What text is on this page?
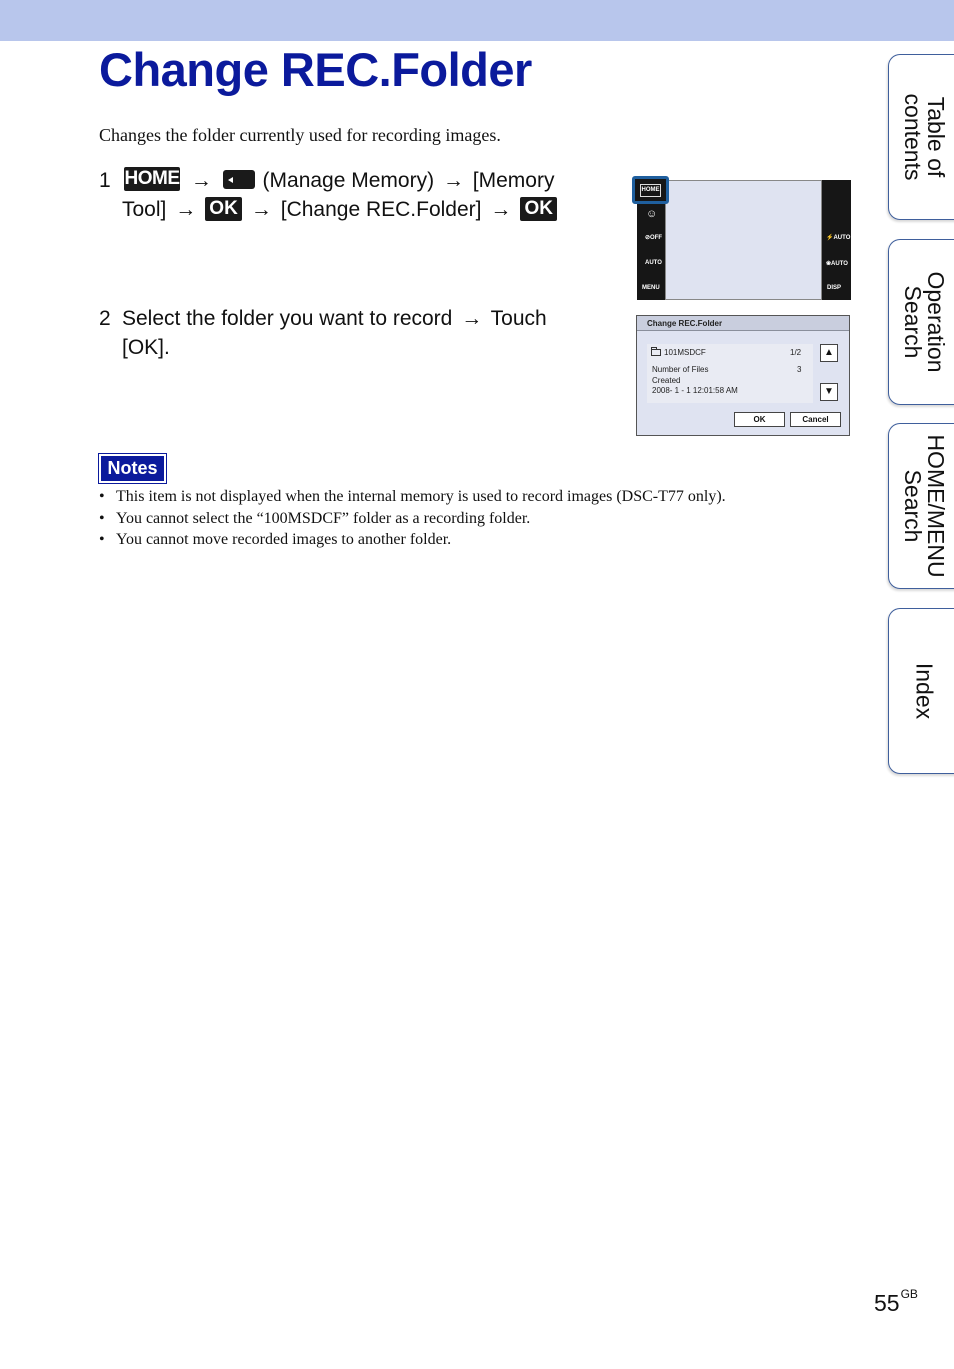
Change REC.Folder

Changes the folder currently used for recording images.

1 HOME → (Manage Memory) → [Memory
Tool] → OK → [Change REC.Folder] → OK
HOME
☺
⊘OFF
AUTO
MENU
⚡AUTO
❀AUTO
DISP
2 Select the folder you want to record → Touch
[OK].
Change REC.Folder
101MSDCF	1/2
Number of Files	3
Created
2008- 1 - 1 12:01:58 AM
▲
▼
OK	Cancel
Notes
• This item is not displayed when the internal memory is used to record images (DSC-T77 only).
• You cannot select the “100MSDCF” folder as a recording folder.
• You cannot move recorded images to another folder.
Table of
contents
Operation
Search
HOME/MENU
Search
Index
$55^{GB}$
